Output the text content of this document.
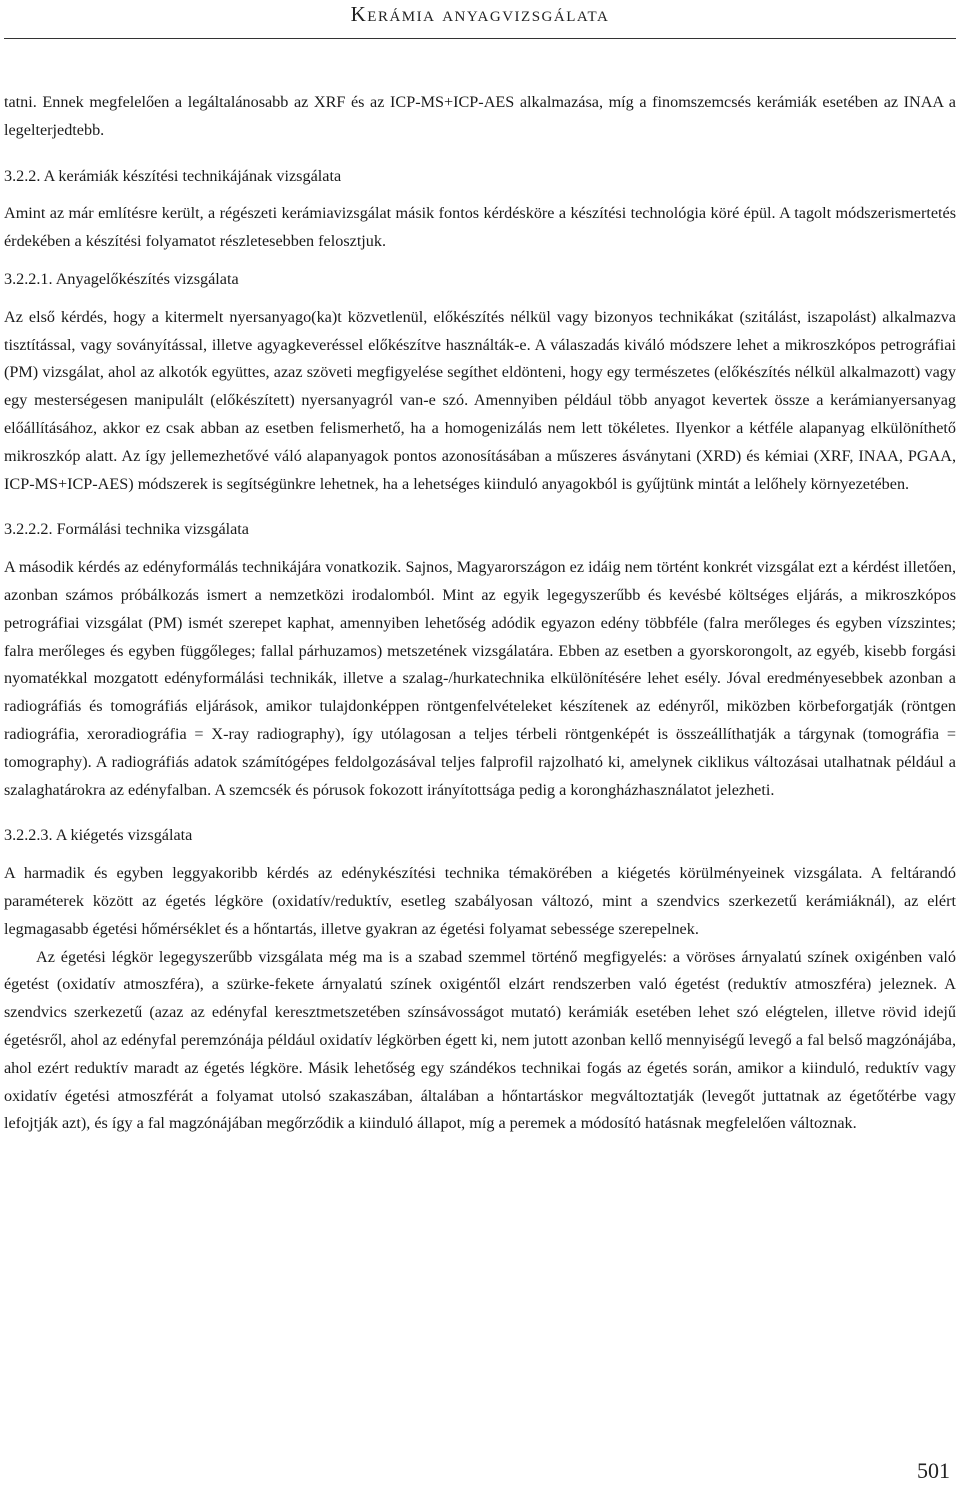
Kerámia anyagvizsgálata

tatni. Ennek megfelelően a legáltalánosabb az XRF és az ICP-MS+ICP-AES alkalmazása, míg a finomszemcsés kerámiák esetében az INAA a legelterjedtebb.

3.2.2. A kerámiák készítési technikájának vizsgálata

Amint az már említésre került, a régészeti kerámiavizsgálat másik fontos kérdésköre a készítési technológia köré épül. A tagolt módszerismertetés érdekében a készítési folyamatot részletesebben felosztjuk.

3.2.2.1. Anyagelőkészítés vizsgálata

Az első kérdés, hogy a kitermelt nyersanyago(ka)t közvetlenül, előkészítés nélkül vagy bizonyos technikákat (szitálást, iszapolást) alkalmazva tisztítással, vagy soványítással, illetve agyagkeveréssel előkészítve használták-e. A válaszadás kiváló módszere lehet a mikroszkópos petrográfiai (PM) vizsgálat, ahol az alkotók együttes, azaz szöveti megfigyelése segíthet eldönteni, hogy egy természetes (előkészítés nélkül alkalmazott) vagy egy mesterségesen manipulált (előkészített) nyersanyagról van-e szó. Amennyiben például több anyagot kevertek össze a kerámianyersanyag előállításához, akkor ez csak abban az esetben felismerhető, ha a homogenizálás nem lett tökéletes. Ilyenkor a kétféle alapanyag elkülöníthető mikroszkóp alatt. Az így jellemezhetővé váló alapanyagok pontos azonosításában a műszeres ásványtani (XRD) és kémiai (XRF, INAA, PGAA, ICP-MS+ICP-AES) módszerek is segítségünkre lehetnek, ha a lehetséges kiinduló anyagokból is gyűjtünk mintát a lelőhely környezetében.

3.2.2.2. Formálási technika vizsgálata

A második kérdés az edényformálás technikájára vonatkozik. Sajnos, Magyarországon ez idáig nem történt konkrét vizsgálat ezt a kérdést illetően, azonban számos próbálkozás ismert a nemzetközi irodalomból. Mint az egyik legegyszerűbb és kevésbé költséges eljárás, a mikroszkópos petrográfiai vizsgálat (PM) ismét szerepet kaphat, amennyiben lehetőség adódik egyazon edény többféle (falra merőleges és egyben vízszintes; falra merőleges és egyben függőleges; fallal párhuzamos) metszetének vizsgálatára. Ebben az esetben a gyorskorongolt, az egyéb, kisebb forgási nyomatékkal mozgatott edényformálási technikák, illetve a szalag-/hurkatechnika elkülönítésére lehet esély. Jóval eredményesebbek azonban a radiográfiás és tomográfiás eljárások, amikor tulajdonképpen röntgenfelvételeket készítenek az edényről, miközben körbeforgatják (röntgen radiográfia, xeroradiográfia = X-ray radiography), így utólagosan a teljes térbeli röntgenképét is összeállíthatják a tárgynak (tomográfia = tomography). A radiográfiás adatok számítógépes feldolgozásával teljes falprofil rajzolható ki, amelynek ciklikus változásai utalhatnak például a szalaghatárokra az edényfalban. A szemcsék és pórusok fokozott irányítottsága pedig a korongházhasználatot jelezheti.

3.2.2.3. A kiégetés vizsgálata

A harmadik és egyben leggyakoribb kérdés az edénykészítési technika témakörében a kiégetés körülményeinek vizsgálata. A feltárandó paraméterek között az égetés légköre (oxidatív/reduktív, esetleg szabályosan változó, mint a szendvics szerkezetű kerámiáknál), az elért legmagasabb égetési hőmérséklet és a hőntartás, illetve gyakran az égetési folyamat sebessége szerepelnek.

Az égetési légkör legegyszerűbb vizsgálata még ma is a szabad szemmel történő megfigyelés: a vöröses árnyalatú színek oxigénben való égetést (oxidatív atmoszféra), a szürke-fekete árnyalatú színek oxigéntől elzárt rendszerben való égetést (reduktív atmoszféra) jeleznek. A szendvics szerkezetű (azaz az edényfal keresztmetszetében színsávosságot mutató) kerámiák esetében lehet szó elégtelen, illetve rövid idejű égetésről, ahol az edényfal peremzónája például oxidatív légkörben égett ki, nem jutott azonban kellő mennyiségű levegő a fal belső magzónájába, ahol ezért reduktív maradt az égetés légköre. Másik lehetőség egy szándékos technikai fogás az égetés során, amikor a kiinduló, reduktív vagy oxidatív égetési atmoszférát a folyamat utolsó szakaszában, általában a hőntartáskor megváltoztatják (levegőt juttatnak az égetőtérbe vagy lefojtják azt), és így a fal magzónájában megőrződik a kiinduló állapot, míg a peremek a módosító hatásnak megfelelően változnak.

501
